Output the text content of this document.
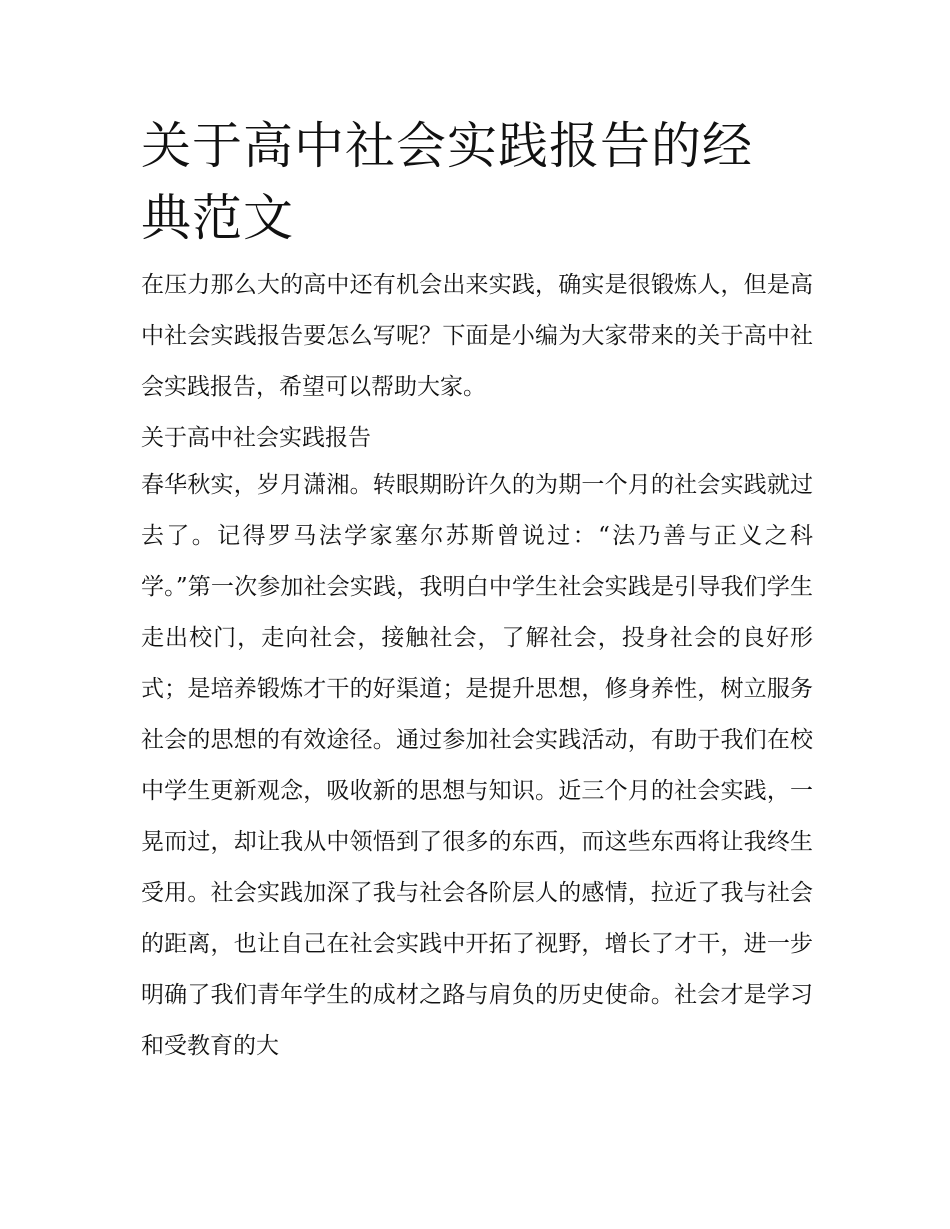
关于高中社会实践报告的经典范文

在压力那么大的高中还有机会出来实践，确实是很锻炼人，但是高中社会实践报告要怎么写呢？下面是小编为大家带来的关于高中社会实践报告，希望可以帮助大家。

关于高中社会实践报告

春华秋实，岁月潇湘。转眼期盼许久的为期一个月的社会实践就过去了。记得罗马法学家塞尔苏斯曾说过：“法乃善与正义之科学。”第一次参加社会实践，我明白中学生社会实践是引导我们学生走出校门，走向社会，接触社会，了解社会，投身社会的良好形式；是培养锻炼才干的好渠道；是提升思想，修身养性，树立服务社会的思想的有效途径。通过参加社会实践活动，有助于我们在校中学生更新观念，吸收新的思想与知识。近三个月的社会实践，一晃而过，却让我从中领悟到了很多的东西，而这些东西将让我终生受用。社会实践加深了我与社会各阶层人的感情，拉近了我与社会的距离，也让自己在社会实践中开拓了视野，增长了才干，进一步明确了我们青年学生的成材之路与肩负的历史使命。社会才是学习和受教育的大
